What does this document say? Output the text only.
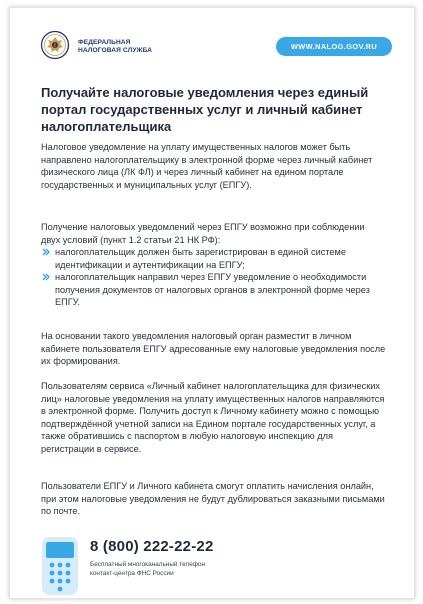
ФЕДЕРАЛЬНАЯ
НАЛОГОВАЯ СЛУЖБА	WWW.NALOG.GOV.RU
Получайте налоговые уведомления через единый портал государственных услуг и личный кабинет налогоплательщика

Налоговое уведомление на уплату имущественных налогов может быть направлено налогоплательщику в электронной форме через личный кабинет физического лица (ЛК ФЛ) и через личный кабинет на едином портале государственных и муниципальных услуг (ЕПГУ).

Получение налоговых уведомлений через ЕПГУ возможно при соблюдении двух условий (пункт 1.2 статьи 21 НК РФ):

налогоплательщик должен быть зарегистрирован в единой системе идентификации и аутентификации на ЕПГУ;
налогоплательщик направил через ЕПГУ уведомление о необходимости получения документов от налоговых органов в электронной форме через ЕПГУ.

На основании такого уведомления налоговый орган разместит в личном кабинете пользователя ЕПГУ адресованные ему налоговые уведомления после их формирования.

Пользователям сервиса «Личный кабинет налогоплательщика для физических лиц» налоговые уведомления на уплату имущественных налогов направляются в электронной форме. Получить доступ к Личному кабинету можно с помощью подтверждённой учетной записи на Едином портале государственных услуг, а также обратившись с паспортом в любую налоговую инспекцию для регистрации в сервисе.

Пользователи ЕПГУ и Личного кабинета смогут оплатить начисления онлайн, при этом налоговые уведомления не будут дублироваться заказными письмами по почте.

8 (800) 222-22-22
Бесплатный многоканальный телефон
контакт-центра ФНС России
